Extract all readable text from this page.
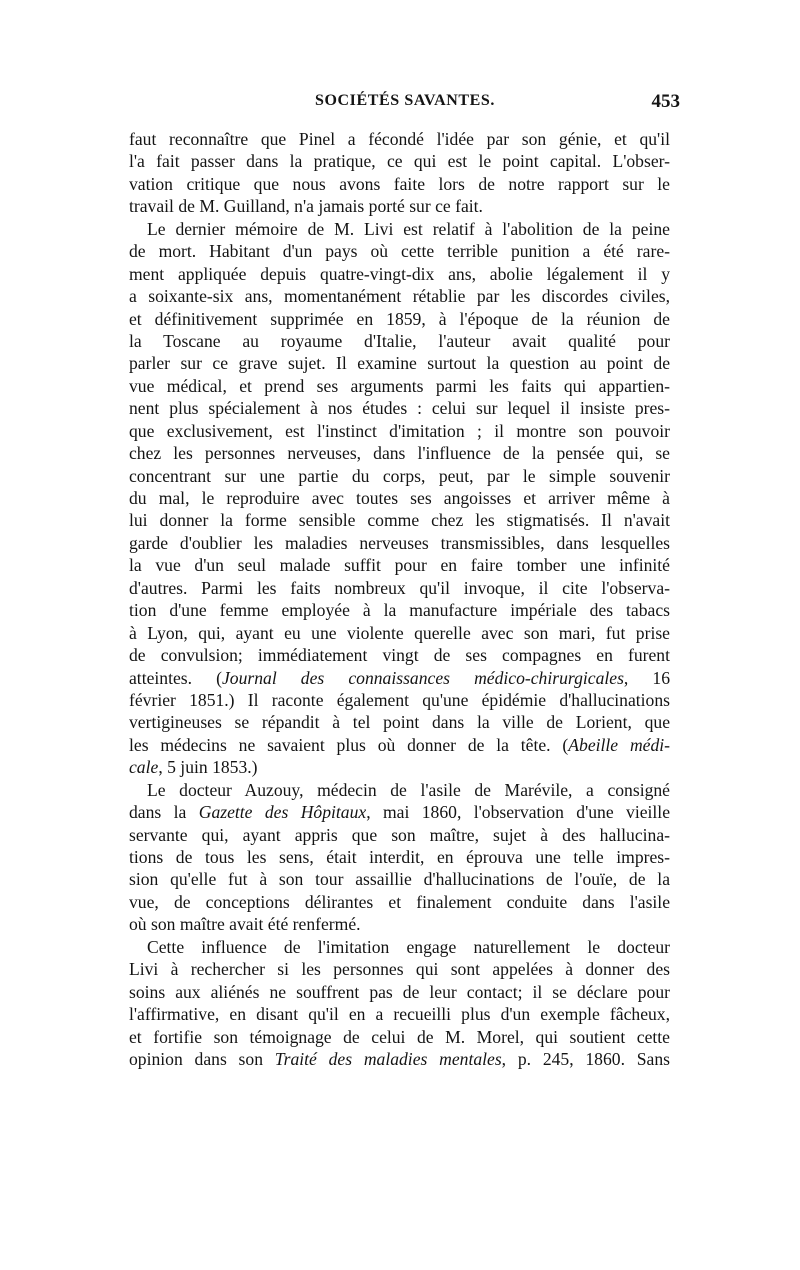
SOCIÉTÉS SAVANTES.	453
faut reconnaître que Pinel a fécondé l'idée par son génie, et qu'il
l'a fait passer dans la pratique, ce qui est le point capital. L'obser-
vation critique que nous avons faite lors de notre rapport sur le
travail de M. Guilland, n'a jamais porté sur ce fait.
Le dernier mémoire de M. Livi est relatif à l'abolition de la peine
de mort. Habitant d'un pays où cette terrible punition a été rare-
ment appliquée depuis quatre-vingt-dix ans, abolie légalement il y
a soixante-six ans, momentanément rétablie par les discordes civiles,
et définitivement supprimée en 1859, à l'époque de la réunion de
la Toscane au royaume d'Italie, l'auteur avait qualité pour
parler sur ce grave sujet. Il examine surtout la question au point de
vue médical, et prend ses arguments parmi les faits qui appartien-
nent plus spécialement à nos études : celui sur lequel il insiste pres-
que exclusivement, est l'instinct d'imitation ; il montre son pouvoir
chez les personnes nerveuses, dans l'influence de la pensée qui, se
concentrant sur une partie du corps, peut, par le simple souvenir
du mal, le reproduire avec toutes ses angoisses et arriver même à
lui donner la forme sensible comme chez les stigmatisés. Il n'avait
garde d'oublier les maladies nerveuses transmissibles, dans lesquelles
la vue d'un seul malade suffit pour en faire tomber une infinité
d'autres. Parmi les faits nombreux qu'il invoque, il cite l'observa-
tion d'une femme employée à la manufacture impériale des tabacs
à Lyon, qui, ayant eu une violente querelle avec son mari, fut prise
de convulsion; immédiatement vingt de ses compagnes en furent
atteintes. (Journal des connaissances médico-chirurgicales, 16
février 1851.) Il raconte également qu'une épidémie d'hallucinations
vertigineuses se répandit à tel point dans la ville de Lorient, que
les médecins ne savaient plus où donner de la tête. (Abeille médi-
cale, 5 juin 1853.)
Le docteur Auzouy, médecin de l'asile de Marévile, a consigné
dans la Gazette des Hôpitaux, mai 1860, l'observation d'une vieille
servante qui, ayant appris que son maître, sujet à des hallucina-
tions de tous les sens, était interdit, en éprouva une telle impres-
sion qu'elle fut à son tour assaillie d'hallucinations de l'ouïe, de la
vue, de conceptions délirantes et finalement conduite dans l'asile
où son maître avait été renfermé.
Cette influence de l'imitation engage naturellement le docteur
Livi à rechercher si les personnes qui sont appelées à donner des
soins aux aliénés ne souffrent pas de leur contact; il se déclare pour
l'affirmative, en disant qu'il en a recueilli plus d'un exemple fâcheux,
et fortifie son témoignage de celui de M. Morel, qui soutient cette
opinion dans son Traité des maladies mentales, p. 245, 1860. Sans
